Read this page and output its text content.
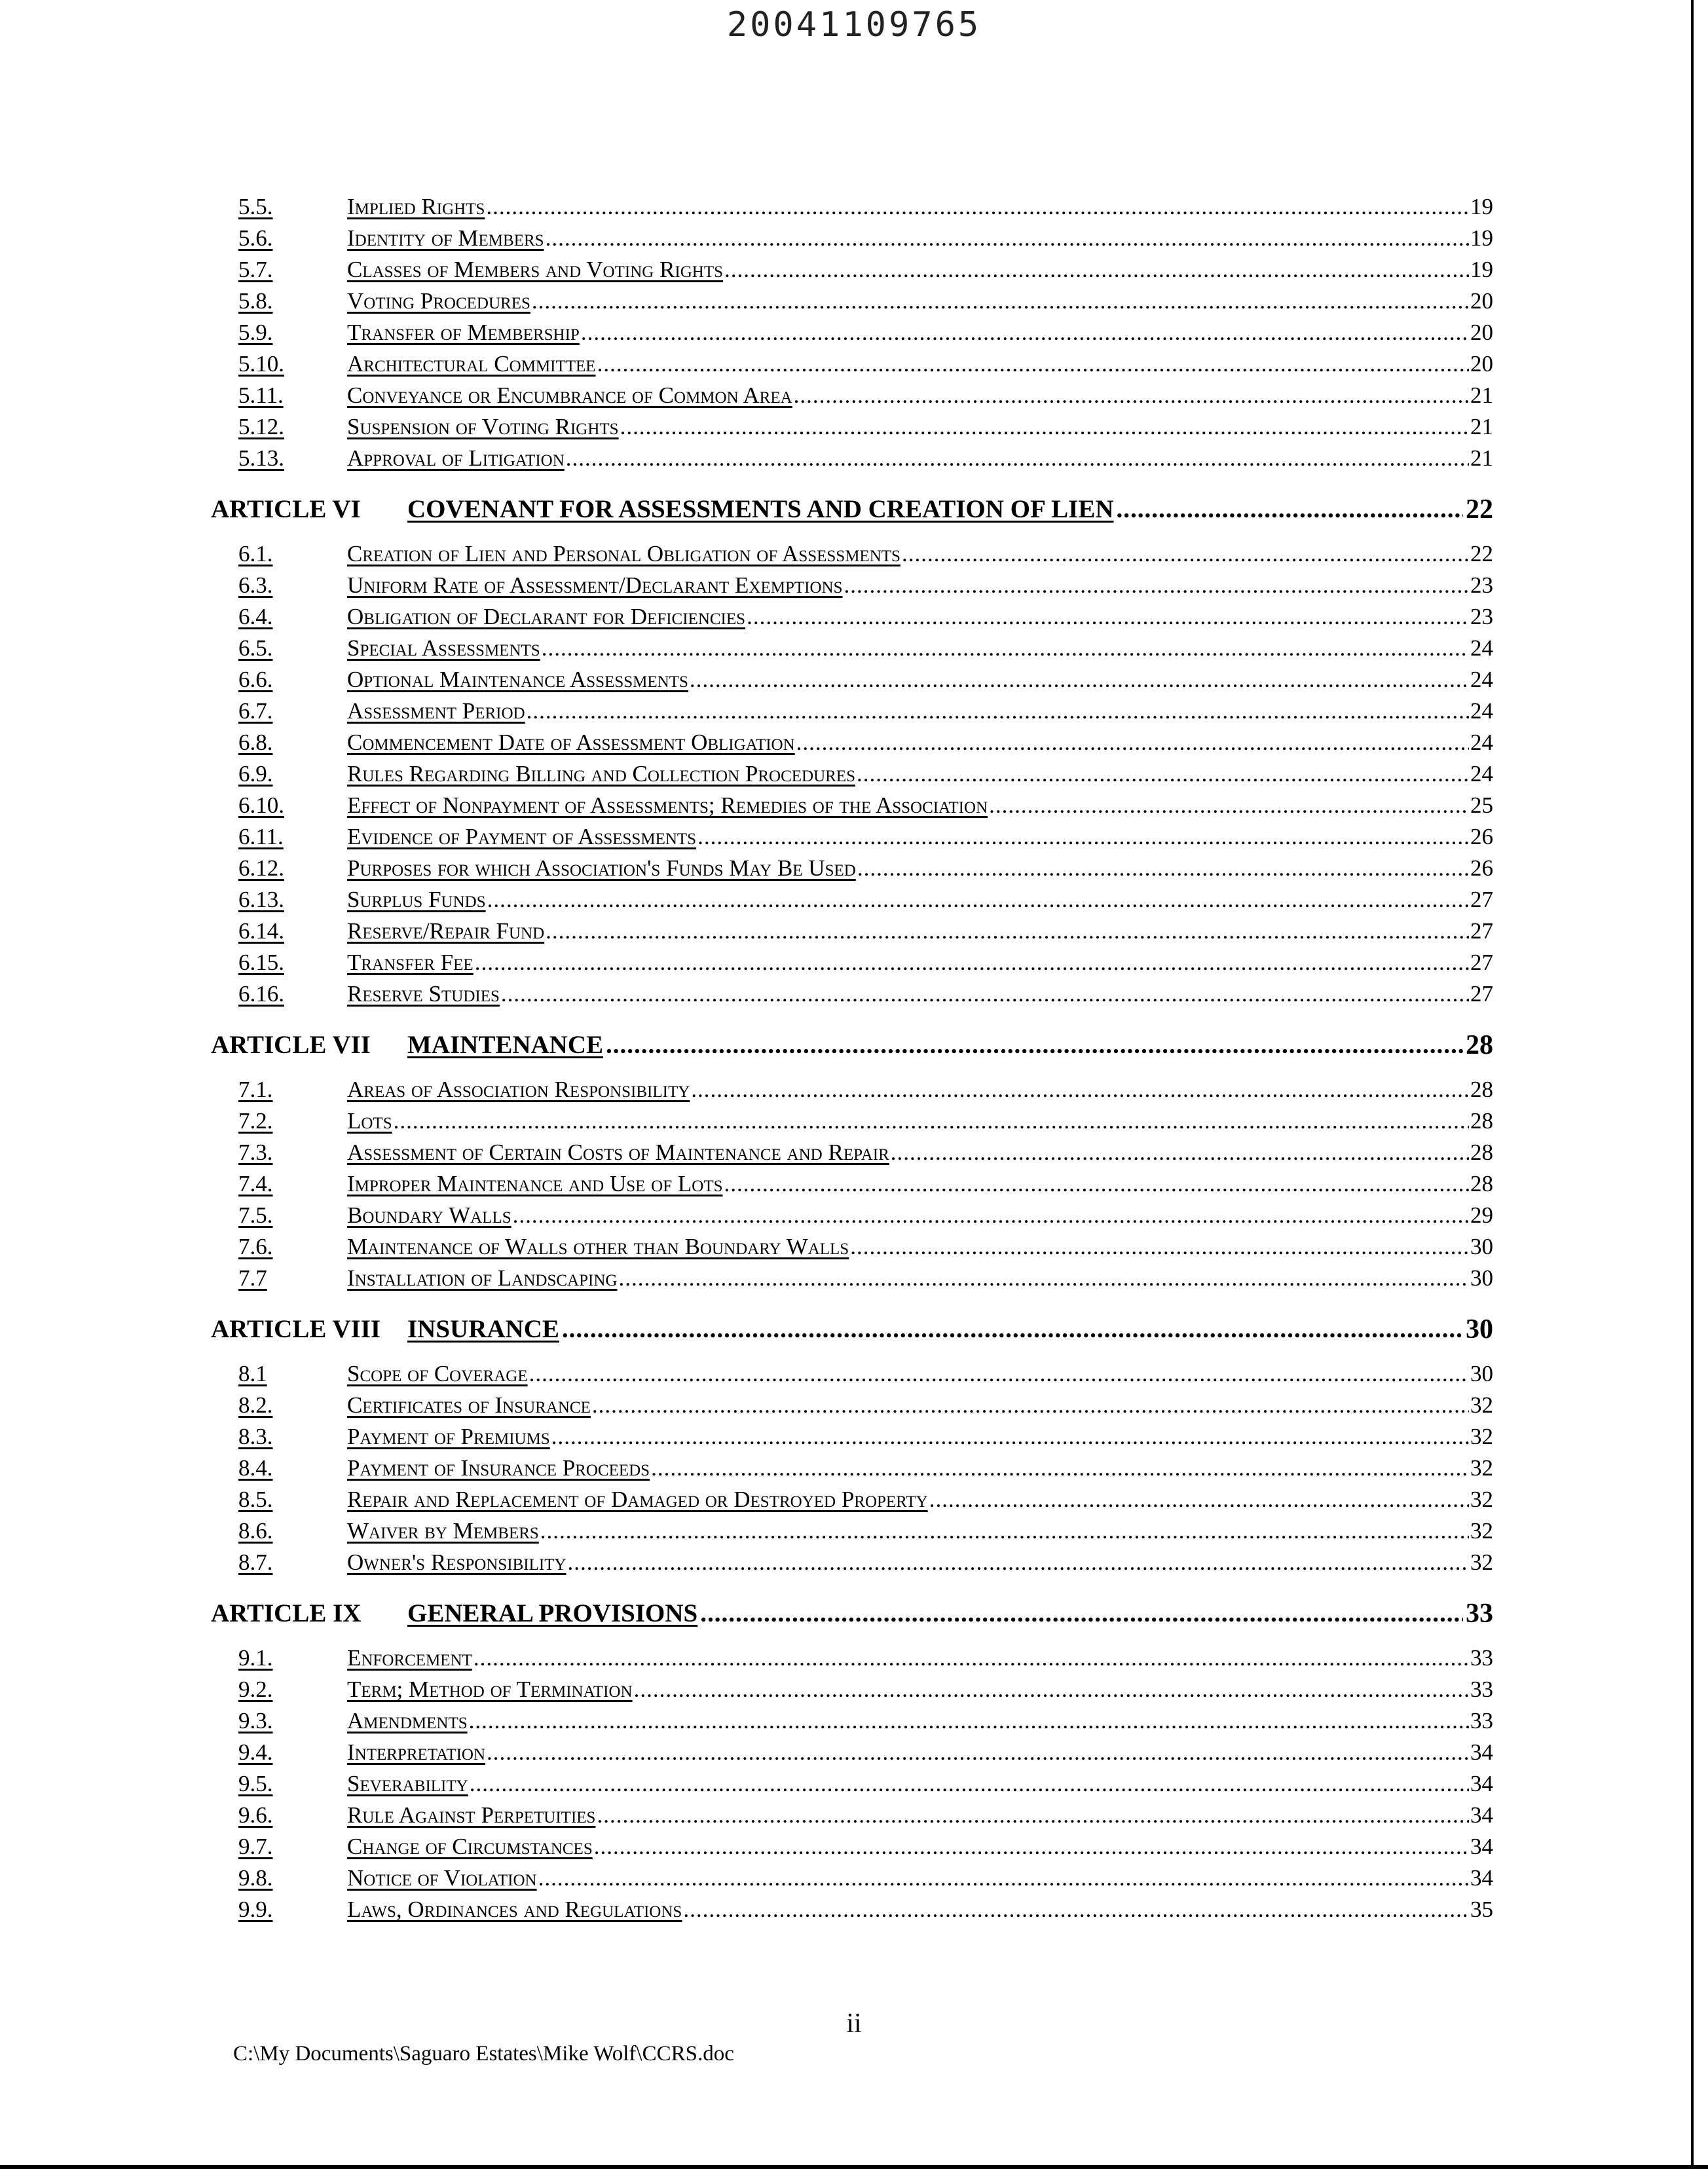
20041109765
5.5.	Implied Rights .....	19
5.6.	Identity of Members .....	19
5.7.	Classes of Members and Voting Rights .....	19
5.8.	Voting Procedures .....	20
5.9.	Transfer of Membership .....	20
5.10.	Architectural Committee .....	20
5.11.	Conveyance or Encumbrance of Common Area .....	21
5.12.	Suspension of Voting Rights .....	21
5.13.	Approval of Litigation .....	21
ARTICLE VI	COVENANT FOR ASSESSMENTS AND CREATION OF LIEN .....	22
6.1.	Creation of Lien and Personal Obligation of Assessments .....	22
6.3.	Uniform Rate of Assessment/Declarant Exemptions .....	23
6.4.	Obligation of Declarant for Deficiencies .....	23
6.5.	Special Assessments .....	24
6.6.	Optional Maintenance Assessments .....	24
6.7.	Assessment Period .....	24
6.8.	Commencement Date of Assessment Obligation .....	24
6.9.	Rules Regarding Billing and Collection Procedures .....	24
6.10.	Effect of Nonpayment of Assessments; Remedies of the Association .....	25
6.11.	Evidence of Payment of Assessments .....	26
6.12.	Purposes for which Association's Funds May Be Used .....	26
6.13.	Surplus Funds .....	27
6.14.	Reserve/Repair Fund .....	27
6.15.	Transfer Fee .....	27
6.16.	Reserve Studies .....	27
ARTICLE VII	MAINTENANCE .....	28
7.1.	Areas of Association Responsibility .....	28
7.2.	Lots .....	28
7.3.	Assessment of Certain Costs of Maintenance and Repair .....	28
7.4.	Improper Maintenance and Use of Lots .....	28
7.5.	Boundary Walls .....	29
7.6.	Maintenance of Walls other than Boundary Walls .....	30
7.7	Installation of Landscaping .....	30
ARTICLE VIII	INSURANCE .....	30
8.1	Scope of Coverage .....	30
8.2.	Certificates of Insurance .....	32
8.3.	Payment of Premiums .....	32
8.4.	Payment of Insurance Proceeds .....	32
8.5.	Repair and Replacement of Damaged or Destroyed Property .....	32
8.6.	Waiver by Members .....	32
8.7.	Owner's Responsibility .....	32
ARTICLE IX	GENERAL PROVISIONS .....	33
9.1.	Enforcement .....	33
9.2.	Term; Method of Termination .....	33
9.3.	Amendments .....	33
9.4.	Interpretation .....	34
9.5.	Severability .....	34
9.6.	Rule Against Perpetuities .....	34
9.7.	Change of Circumstances .....	34
9.8.	Notice of Violation .....	34
9.9.	Laws, Ordinances and Regulations .....	35
ii
C:\My Documents\Saguaro Estates\Mike Wolf\CCRS.doc
